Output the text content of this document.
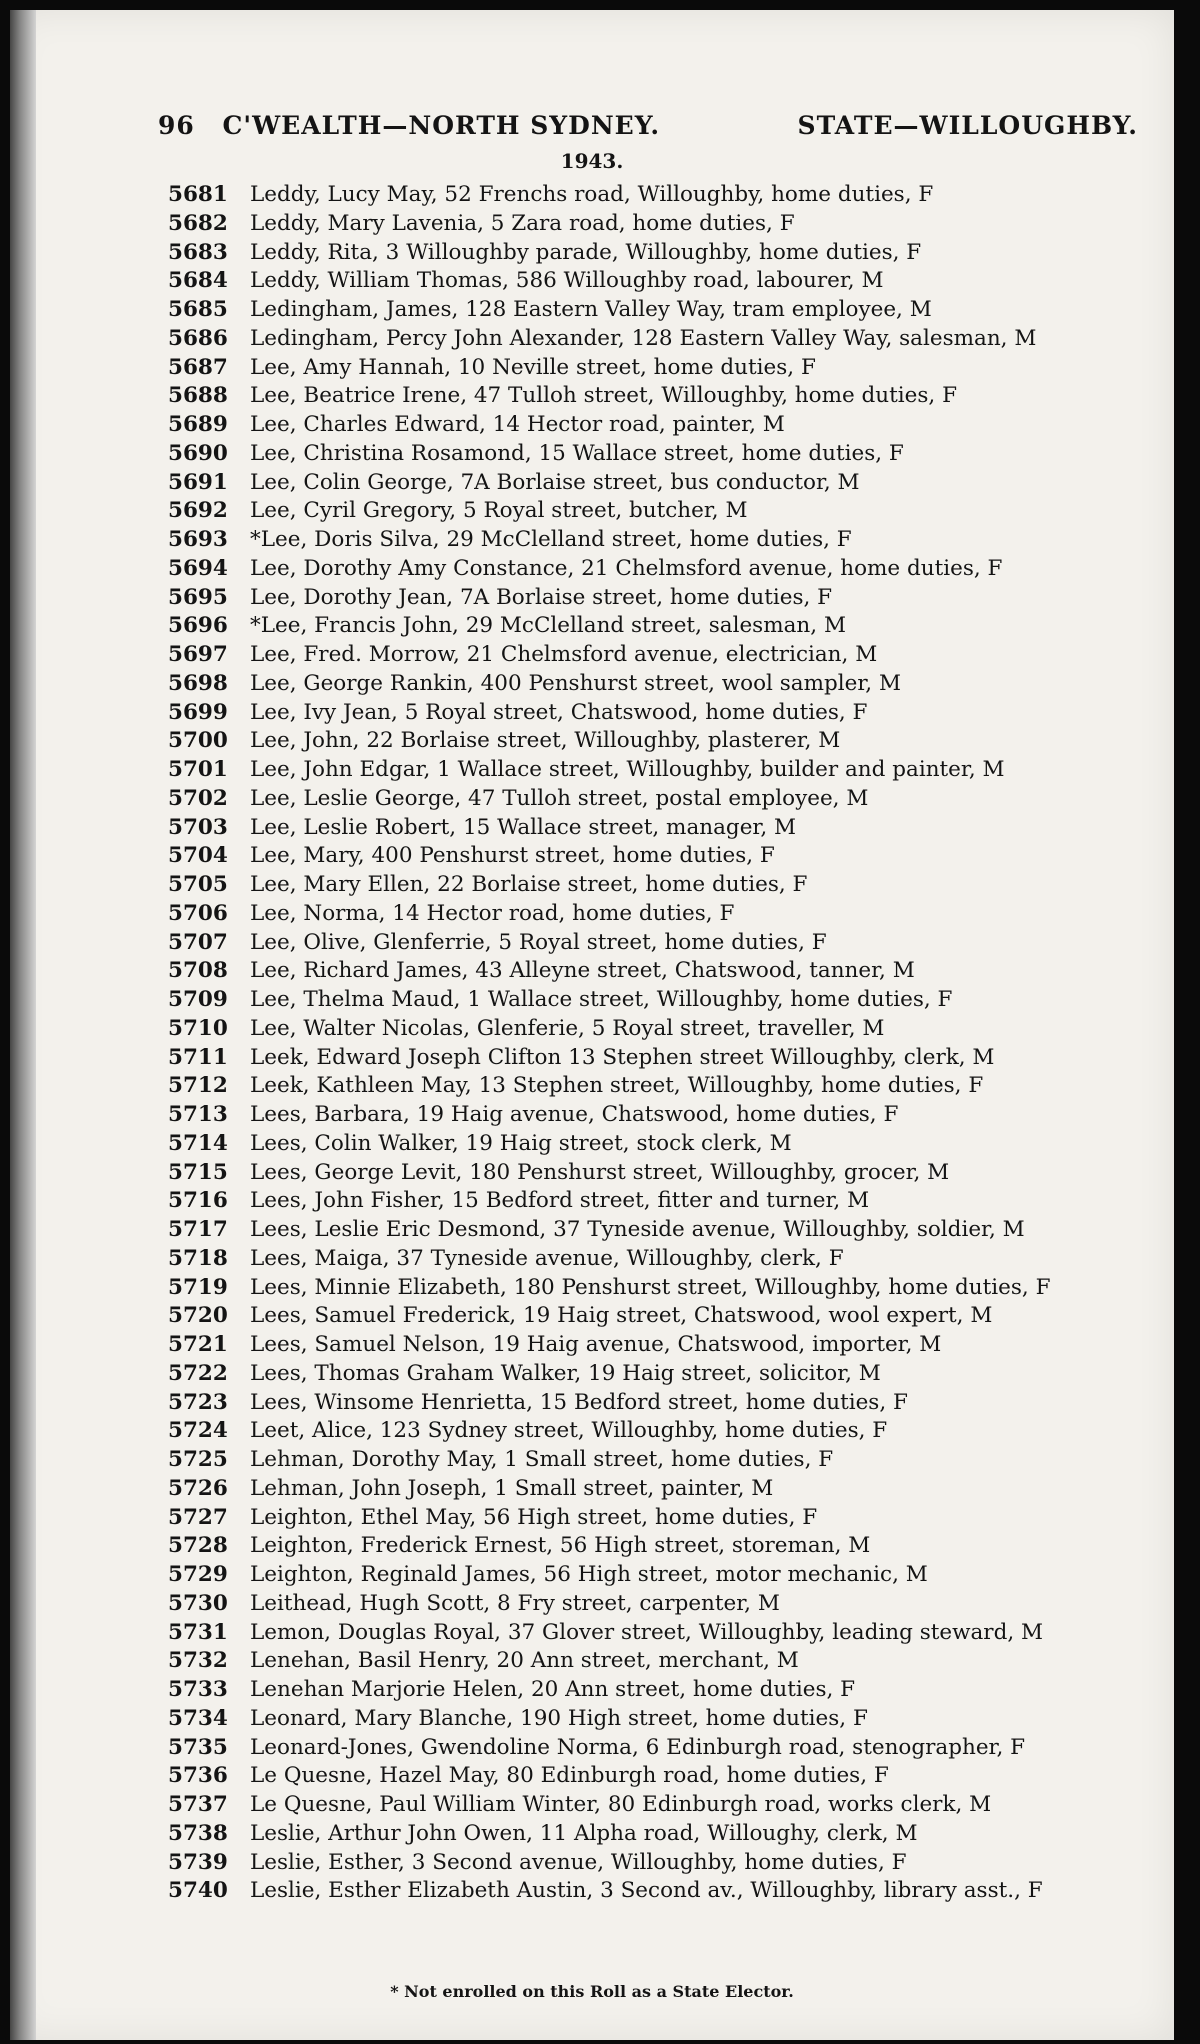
96 C'WEALTH—NORTH SYDNEY.	STATE—WILLOUGHBY.
1943.
5681 Leddy, Lucy May, 52 Frenchs road, Willoughby, home duties, F
5682 Leddy, Mary Lavenia, 5 Zara road, home duties, F
5683 Leddy, Rita, 3 Willoughby parade, Willoughby, home duties, F
5684 Leddy, William Thomas, 586 Willoughby road, labourer, M
5685 Ledingham, James, 128 Eastern Valley Way, tram employee, M
5686 Ledingham, Percy John Alexander, 128 Eastern Valley Way, salesman, M
5687 Lee, Amy Hannah, 10 Neville street, home duties, F
5688 Lee, Beatrice Irene, 47 Tulloh street, Willoughby, home duties, F
5689 Lee, Charles Edward, 14 Hector road, painter, M
5690 Lee, Christina Rosamond, 15 Wallace street, home duties, F
5691 Lee, Colin George, 7A Borlaise street, bus conductor, M
5692 Lee, Cyril Gregory, 5 Royal street, butcher, M
5693 *Lee, Doris Silva, 29 McClelland street, home duties, F
5694 Lee, Dorothy Amy Constance, 21 Chelmsford avenue, home duties, F
5695 Lee, Dorothy Jean, 7A Borlaise street, home duties, F
5696 *Lee, Francis John, 29 McClelland street, salesman, M
5697 Lee, Fred. Morrow, 21 Chelmsford avenue, electrician, M
5698 Lee, George Rankin, 400 Penshurst street, wool sampler, M
5699 Lee, Ivy Jean, 5 Royal street, Chatswood, home duties, F
5700 Lee, John, 22 Borlaise street, Willoughby, plasterer, M
5701 Lee, John Edgar, 1 Wallace street, Willoughby, builder and painter, M
5702 Lee, Leslie George, 47 Tulloh street, postal employee, M
5703 Lee, Leslie Robert, 15 Wallace street, manager, M
5704 Lee, Mary, 400 Penshurst street, home duties, F
5705 Lee, Mary Ellen, 22 Borlaise street, home duties, F
5706 Lee, Norma, 14 Hector road, home duties, F
5707 Lee, Olive, Glenferrie, 5 Royal street, home duties, F
5708 Lee, Richard James, 43 Alleyne street, Chatswood, tanner, M
5709 Lee, Thelma Maud, 1 Wallace street, Willoughby, home duties, F
5710 Lee, Walter Nicolas, Glenferie, 5 Royal street, traveller, M
5711 Leek, Edward Joseph Clifton 13 Stephen street Willoughby, clerk, M
5712 Leek, Kathleen May, 13 Stephen street, Willoughby, home duties, F
5713 Lees, Barbara, 19 Haig avenue, Chatswood, home duties, F
5714 Lees, Colin Walker, 19 Haig street, stock clerk, M
5715 Lees, George Levit, 180 Penshurst street, Willoughby, grocer, M
5716 Lees, John Fisher, 15 Bedford street, fitter and turner, M
5717 Lees, Leslie Eric Desmond, 37 Tyneside avenue, Willoughby, soldier, M
5718 Lees, Maiga, 37 Tyneside avenue, Willoughby, clerk, F
5719 Lees, Minnie Elizabeth, 180 Penshurst street, Willoughby, home duties, F
5720 Lees, Samuel Frederick, 19 Haig street, Chatswood, wool expert, M
5721 Lees, Samuel Nelson, 19 Haig avenue, Chatswood, importer, M
5722 Lees, Thomas Graham Walker, 19 Haig street, solicitor, M
5723 Lees, Winsome Henrietta, 15 Bedford street, home duties, F
5724 Leet, Alice, 123 Sydney street, Willoughby, home duties, F
5725 Lehman, Dorothy May, 1 Small street, home duties, F
5726 Lehman, John Joseph, 1 Small street, painter, M
5727 Leighton, Ethel May, 56 High street, home duties, F
5728 Leighton, Frederick Ernest, 56 High street, storeman, M
5729 Leighton, Reginald James, 56 High street, motor mechanic, M
5730 Leithead, Hugh Scott, 8 Fry street, carpenter, M
5731 Lemon, Douglas Royal, 37 Glover street, Willoughby, leading steward, M
5732 Lenehan, Basil Henry, 20 Ann street, merchant, M
5733 Lenehan Marjorie Helen, 20 Ann street, home duties, F
5734 Leonard, Mary Blanche, 190 High street, home duties, F
5735 Leonard-Jones, Gwendoline Norma, 6 Edinburgh road, stenographer, F
5736 Le Quesne, Hazel May, 80 Edinburgh road, home duties, F
5737 Le Quesne, Paul William Winter, 80 Edinburgh road, works clerk, M
5738 Leslie, Arthur John Owen, 11 Alpha road, Willoughy, clerk, M
5739 Leslie, Esther, 3 Second avenue, Willoughby, home duties, F
5740 Leslie, Esther Elizabeth Austin, 3 Second av., Willoughby, library asst., F
* Not enrolled on this Roll as a State Elector.
